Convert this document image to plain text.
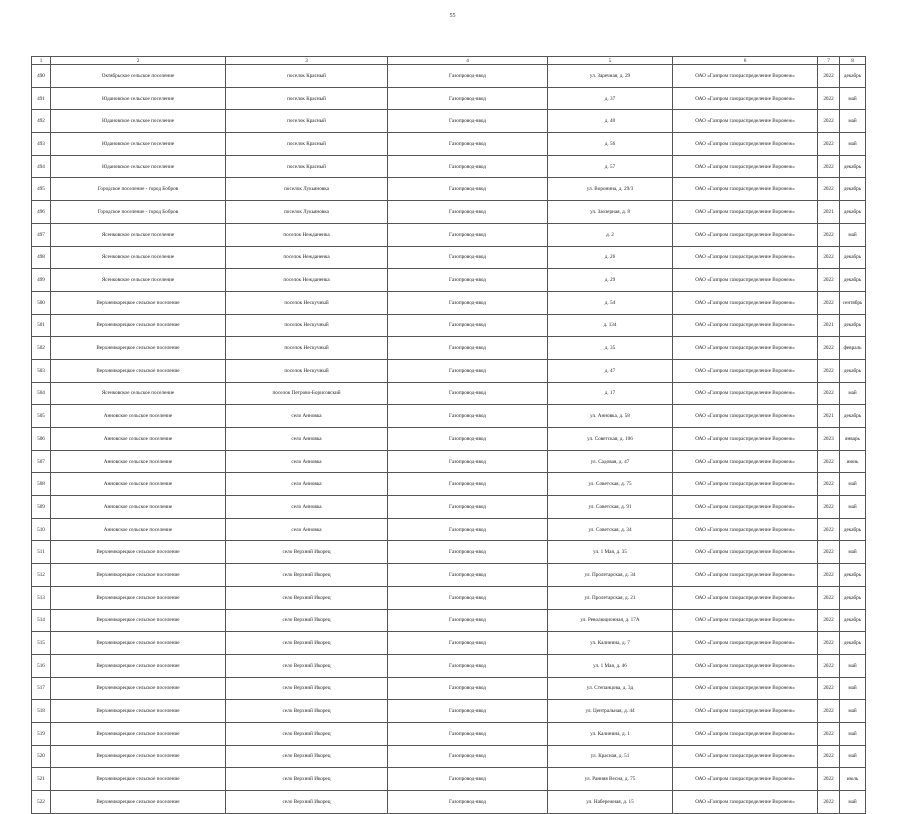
55
1	2	3	4	5	6	7	8
490	Октябрьское сельское поселение	поселок Красный	Газопровод-ввод	ул. Заречная, д. 29	ОАО «Газпром газораспределение Воронеж»	2022	декабрь
491	Юдановское сельское поселение	поселок Красный	Газопровод-ввод	д. 37	ОАО «Газпром газораспределение Воронеж»	2022	май
492	Юдановское сельское поселение	поселок Красный	Газопровод-ввод	д. 40	ОАО «Газпром газораспределение Воронеж»	2022	май
493	Юдановское сельское поселение	поселок Красный	Газопровод-ввод	д. 56	ОАО «Газпром газораспределение Воронеж»	2022	май
494	Юдановское сельское поселение	поселок Красный	Газопровод-ввод	д. 57	ОАО «Газпром газораспределение Воронеж»	2022	декабрь
495	Городское поселение - город Бобров	поселок Лукьяновка	Газопровод-ввод	ул. Воронина, д. 29/3	ОАО «Газпром газораспределение Воронеж»	2022	декабрь
496	Городское поселение - город Бобров	поселок Лукьяновка	Газопровод-ввод	ул. Заозерная, д. 8	ОАО «Газпром газораспределение Воронеж»	2021	декабрь
497	Ясенковское сельское поселение	поселок Нежданенка	Газопровод-ввод	д. 2	ОАО «Газпром газораспределение Воронеж»	2022	май
498	Ясенковское сельское поселение	поселок Нежданенка	Газопровод-ввод	д. 26	ОАО «Газпром газораспределение Воронеж»	2022	декабрь
499	Ясенковское сельское поселение	поселок Нежданенка	Газопровод-ввод	д. 29	ОАО «Газпром газораспределение Воронеж»	2022	декабрь
500	Верхнеикорецкое сельское поселение	поселок Нескучный	Газопровод-ввод	д. 54	ОАО «Газпром газораспределение Воронеж»	2022	сентябрь
501	Верхнеикорецкое сельское поселение	поселок Нескучный	Газопровод-ввод	д. 134	ОАО «Газпром газораспределение Воронеж»	2021	декабрь
502	Верхнеикорецкое сельское поселение	поселок Нескучный	Газопровод-ввод	д. 35	ОАО «Газпром газораспределение Воронеж»	2022	февраль
503	Верхнеикорецкое сельское поселение	поселок Нескучный	Газопровод-ввод	д. 47	ОАО «Газпром газораспределение Воронеж»	2022	декабрь
504	Ясенковское сельское поселение	поселок Петрово-Борисовский	Газопровод-ввод	д. 17	ОАО «Газпром газораспределение Воронеж»	2022	май
505	Анновское сельское поселение	село Анновка	Газопровод-ввод	ул. Анновка, д. 58	ОАО «Газпром газораспределение Воронеж»	2021	декабрь
506	Анновское сельское поселение	село Анновка	Газопровод-ввод	ул. Советская, д. 106	ОАО «Газпром газораспределение Воронеж»	2023	январь
507	Анновское сельское поселение	село Анновка	Газопровод-ввод	ул. Садовая, д. 47	ОАО «Газпром газораспределение Воронеж»	2022	июнь
508	Анновское сельское поселение	село Анновка	Газопровод-ввод	ул. Советская, д. 75	ОАО «Газпром газораспределение Воронеж»	2022	май
509	Анновское сельское поселение	село Анновка	Газопровод-ввод	ул. Советская, д. 91	ОАО «Газпром газораспределение Воронеж»	2022	май
510	Анновское сельское поселение	село Анновка	Газопровод-ввод	ул. Советская, д. 34	ОАО «Газпром газораспределение Воронеж»	2022	декабрь
511	Верхнеикорецкое сельское поселение	село Верхний Икорец	Газопровод-ввод	ул. 1 Мая, д. 35	ОАО «Газпром газораспределение Воронеж»	2022	май
512	Верхнеикорецкое сельское поселение	село Верхний Икорец	Газопровод-ввод	ул. Пролетарская, д. 34	ОАО «Газпром газораспределение Воронеж»	2022	декабрь
513	Верхнеикорецкое сельское поселение	село Верхний Икорец	Газопровод-ввод	ул. Пролетарская, д. 21	ОАО «Газпром газораспределение Воронеж»	2022	декабрь
514	Верхнеикорецкое сельское поселение	село Верхний Икорец	Газопровод-ввод	ул. Революционная, д. 17А	ОАО «Газпром газораспределение Воронеж»	2022	декабрь
515	Верхнеикорецкое сельское поселение	село Верхний Икорец	Газопровод-ввод	ул. Калинина, д. 7	ОАО «Газпром газораспределение Воронеж»	2022	декабрь
516	Верхнеикорецкое сельское поселение	село Верхний Икорец	Газопровод-ввод	ул. 1 Мая, д. 46	ОАО «Газпром газораспределение Воронеж»	2022	май
517	Верхнеикорецкое сельское поселение	село Верхний Икорец	Газопровод-ввод	ул. Степанцова, д. 3д	ОАО «Газпром газораспределение Воронеж»	2022	май
518	Верхнеикорецкое сельское поселение	село Верхний Икорец	Газопровод-ввод	ул. Центральная, д. 44	ОАО «Газпром газораспределение Воронеж»	2022	май
519	Верхнеикорецкое сельское поселение	село Верхний Икорец	Газопровод-ввод	ул. Калинина, д. 1	ОАО «Газпром газораспределение Воронеж»	2022	май
520	Верхнеикорецкое сельское поселение	село Верхний Икорец	Газопровод-ввод	ул. Красная, д. 51	ОАО «Газпром газораспределение Воронеж»	2022	май
521	Верхнеикорецкое сельское поселение	село Верхний Икорец	Газопровод-ввод	ул. Ранняя Весна, д. 75	ОАО «Газпром газораспределение Воронеж»	2022	июль
522	Верхнеикорецкое сельское поселение	село Верхний Икорец	Газопровод-ввод	ул. Набережная, д. 15	ОАО «Газпром газораспределение Воронеж»	2022	май
